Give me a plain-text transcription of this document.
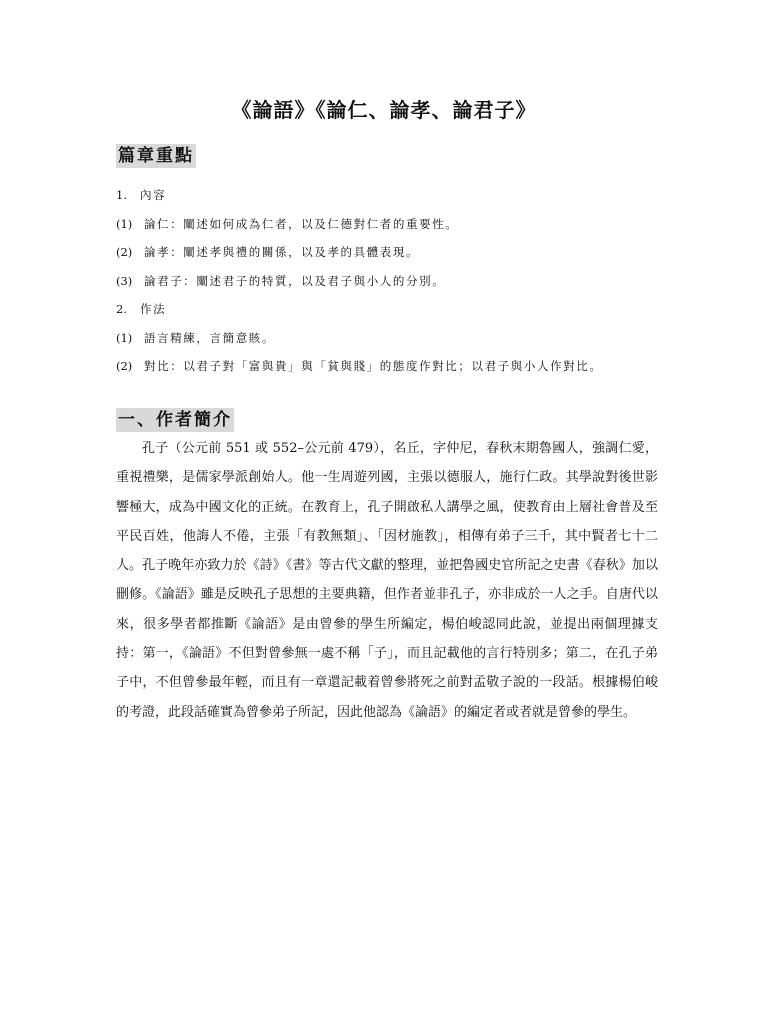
《論語》《論仁、論孝、論君子》
篇章重點
1. 內容
(1) 論仁：闡述如何成為仁者，以及仁德對仁者的重要性。
(2) 論孝：闡述孝與禮的關係，以及孝的具體表現。
(3) 論君子：闡述君子的特質，以及君子與小人的分別。
2. 作法
(1) 語言精練，言簡意賅。
(2) 對比：以君子對「富與貴」與「貧與賤」的態度作對比；以君子與小人作對比。
一、作者簡介

孔子（公元前 551 或 552–公元前 479），名丘，字仲尼，春秋末期魯國人，強調仁愛，重視禮樂，是儒家學派創始人。他一生周遊列國，主張以德服人，施行仁政。其學說對後世影響極大，成為中國文化的正統。在教育上，孔子開啟私人講學之風，使教育由上層社會普及至平民百姓，他誨人不倦，主張「有教無類」、「因材施教」，相傳有弟子三千，其中賢者七十二人。孔子晚年亦致力於《詩》《書》等古代文獻的整理，並把魯國史官所記之史書《春秋》加以刪修。《論語》雖是反映孔子思想的主要典籍，但作者並非孔子，亦非成於一人之手。自唐代以來，很多學者都推斷《論語》是由曾參的學生所編定，楊伯峻認同此說，並提出兩個理據支持：第一，《論語》不但對曾參無一處不稱「子」，而且記載他的言行特別多；第二，在孔子弟子中，不但曾參最年輕，而且有一章還記載着曾參將死之前對孟敬子說的一段話。根據楊伯峻的考證，此段話確實為曾參弟子所記，因此他認為《論語》的編定者或者就是曾參的學生。
